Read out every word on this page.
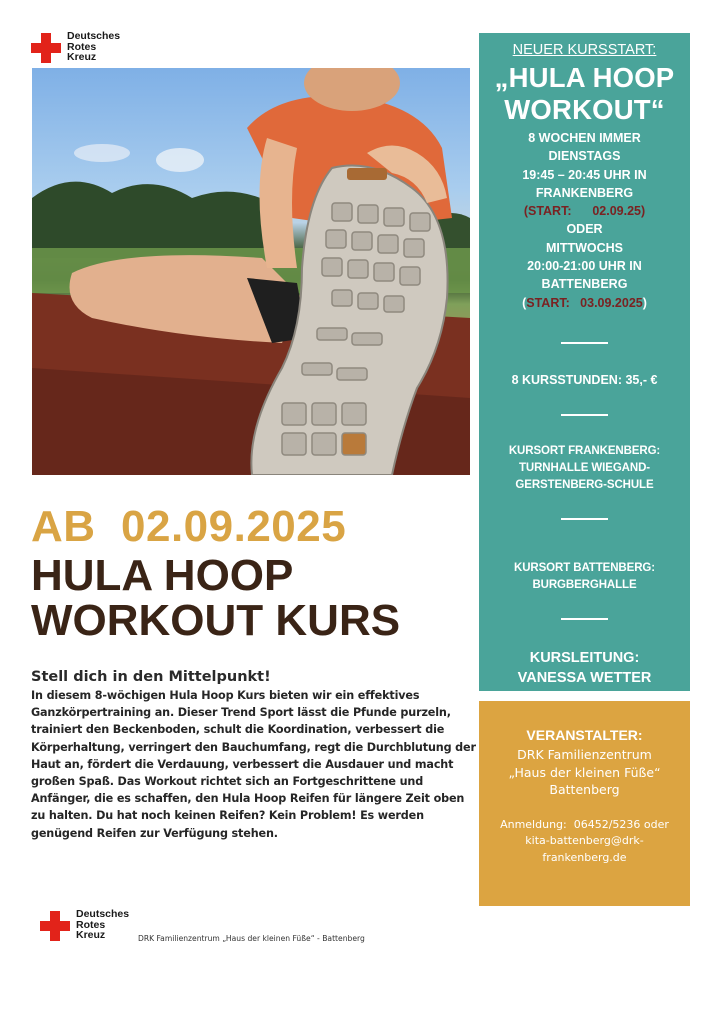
Deutsches
Rotes
Kreuz
AB  02.09.2025
HULA HOOP
WORKOUT KURS
Stell dich in den Mittelpunkt!

In diesem 8-wöchigen Hula Hoop Kurs bieten wir ein effektives Ganzkörpertraining an. Dieser Trend Sport lässt die Pfunde purzeln, trainiert den Beckenboden, schult die Koordination, verbessert die Körperhaltung, verringert den Bauchumfang, regt die Durchblutung der Haut an, fördert die Verdauung, verbessert die Ausdauer und macht großen Spaß. Das Workout richtet sich an Fortgeschrittene und Anfänger, die es schaffen, den Hula Hoop Reifen für längere Zeit oben zu halten. Du hat noch keinen Reifen? Kein Problem! Es werden genügend Reifen zur Verfügung stehen.

NEUER KURSSTART:
„HULA HOOP
WORKOUT“
8 WOCHEN IMMER
DIENSTAGS
19:45 – 20:45 UHR IN
FRANKENBERG
(START:      02.09.25)
ODER
MITTWOCHS
20:00-21:00 UHR IN
BATTENBERG
(START:   03.09.2025)
8 KURSSTUNDEN: 35,- €
KURSORT FRANKENBERG:
TURNHALLE WIEGAND-
GERSTENBERG-SCHULE
KURSORT BATTENBERG:
BURGBERGHALLE
KURSLEITUNG:
VANESSA WETTER
VERANSTALTER:
DRK Familienzentrum
„Haus der kleinen Füße“
Battenberg
Anmeldung:  06452/5236 oder
kita-battenberg@drk-
frankenberg.de
Deutsches
Rotes
Kreuz	DRK Familienzentrum „Haus der kleinen Füße“ - Battenberg
